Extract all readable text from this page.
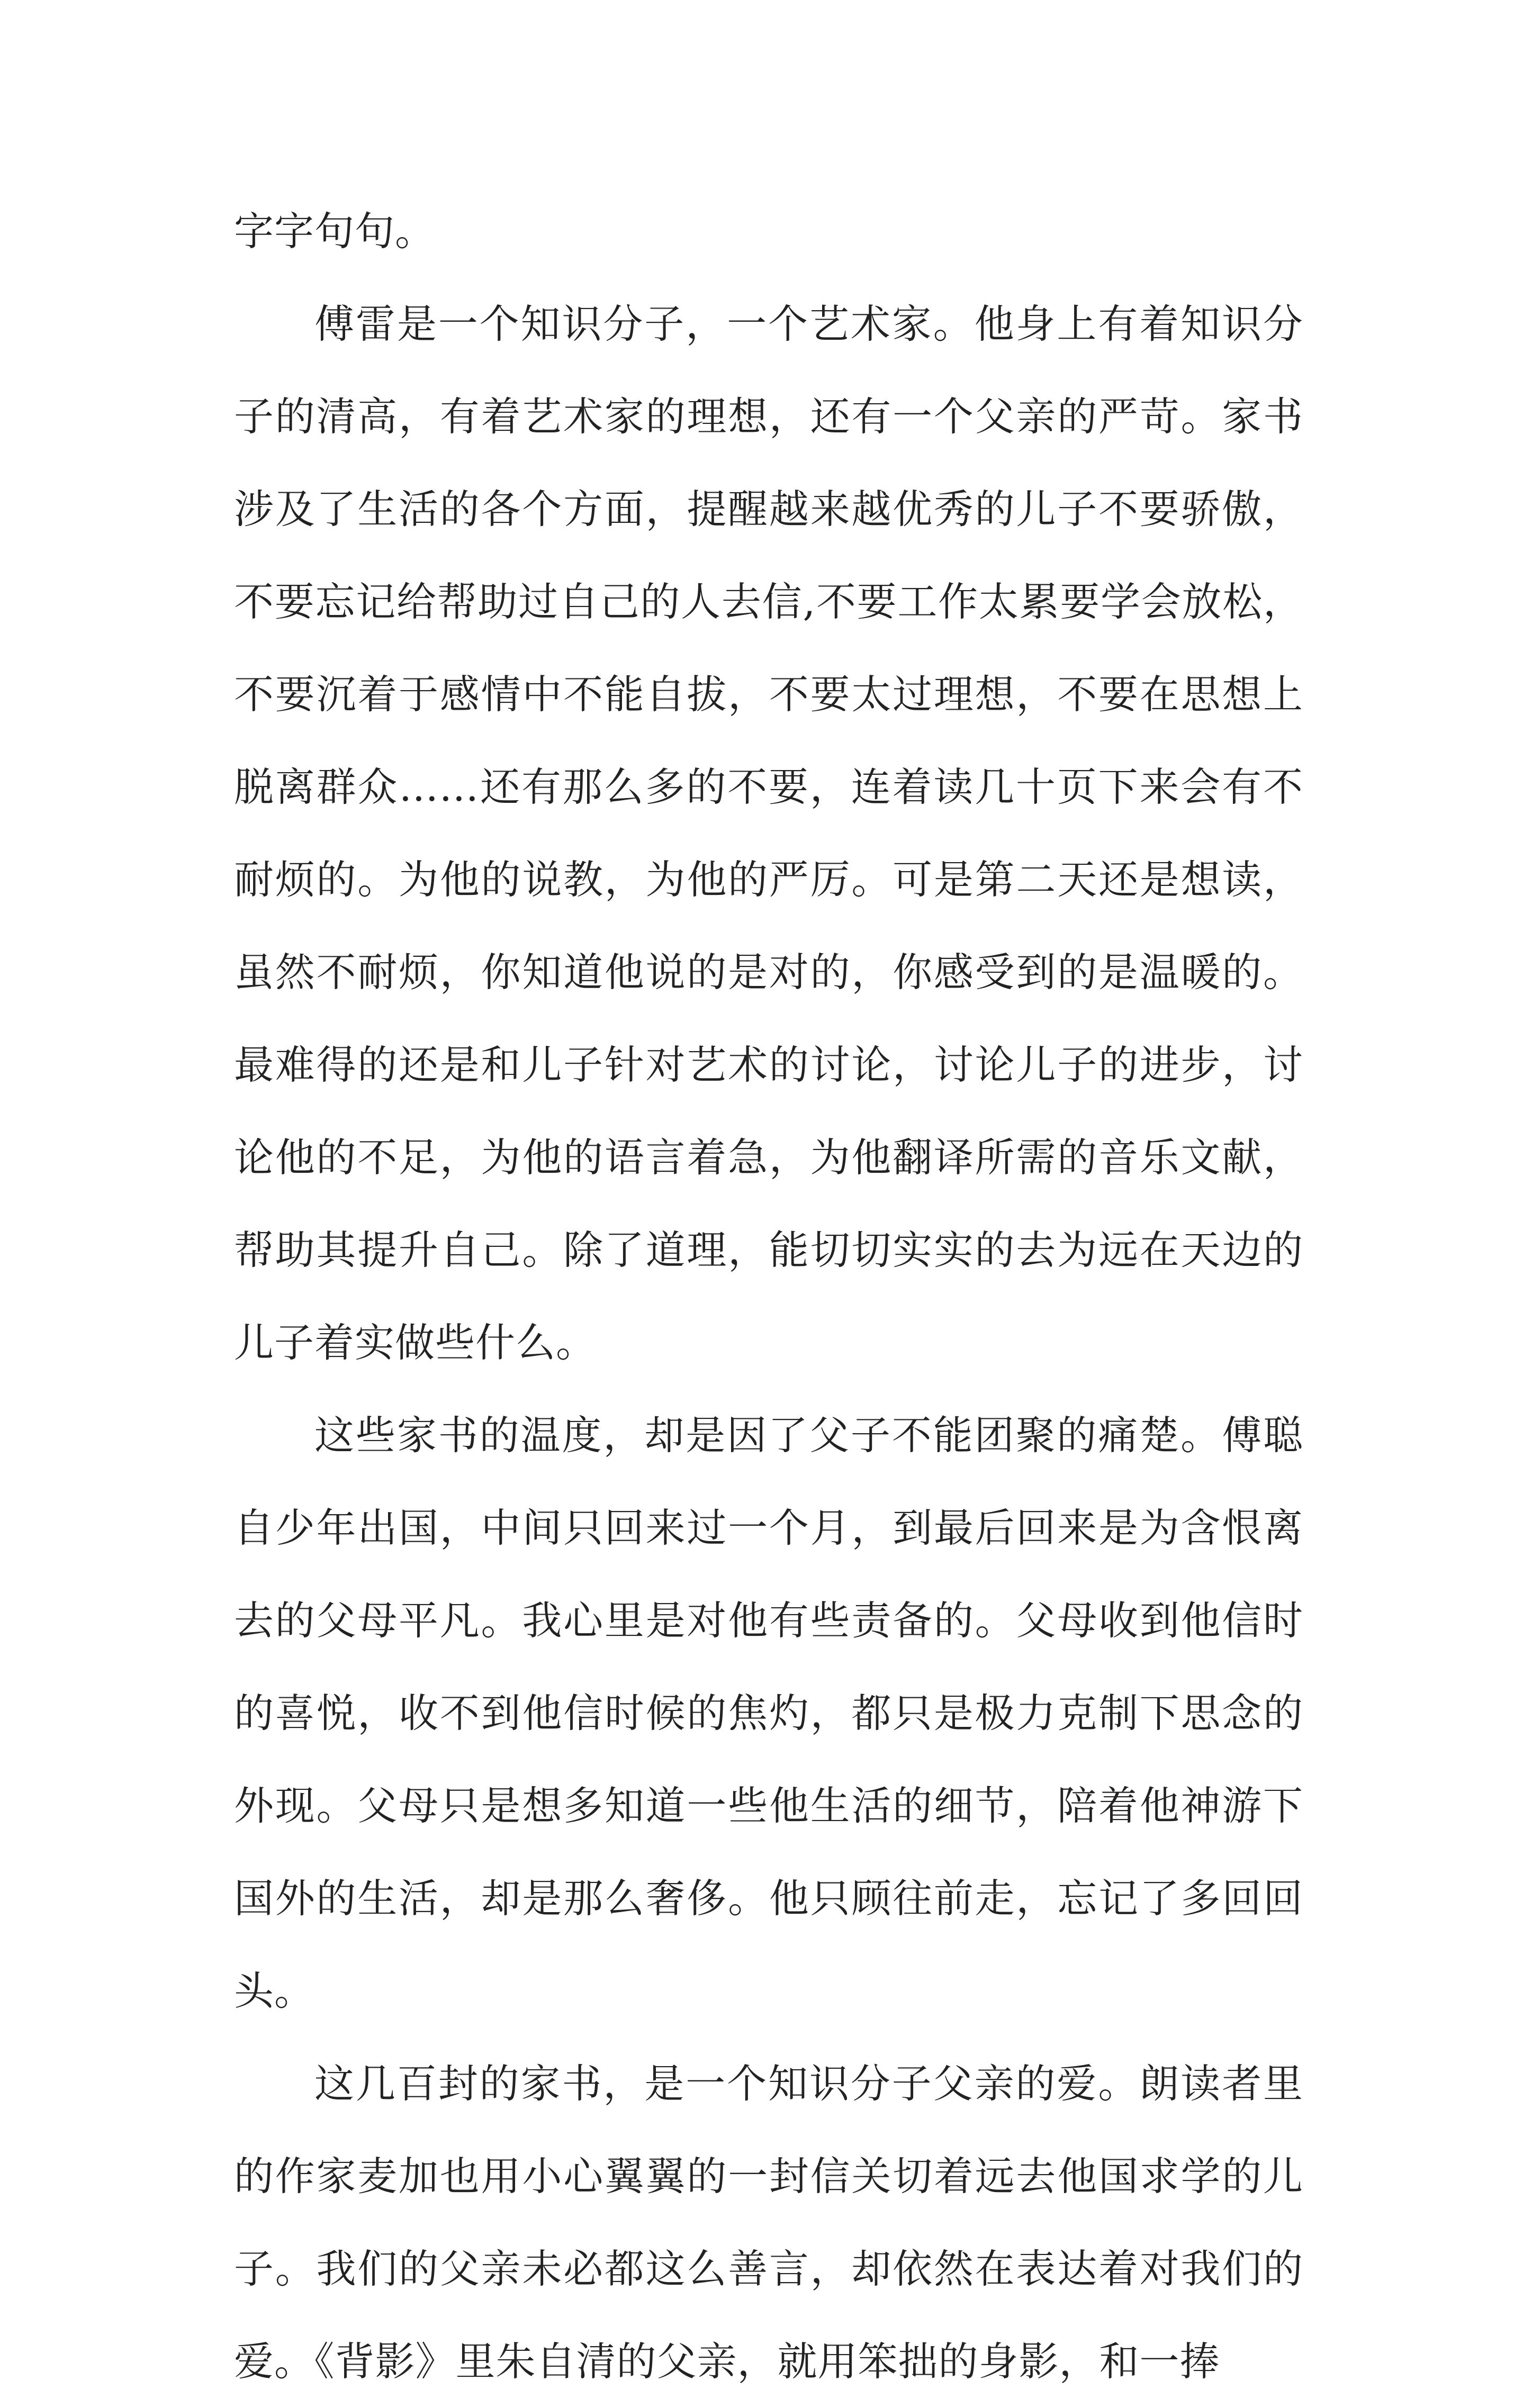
字字句句。

傅雷是一个知识分子，一个艺术家。他身上有着知识分子的清高，有着艺术家的理想，还有一个父亲的严苛。家书涉及了生活的各个方面，提醒越来越优秀的儿子不要骄傲，不要忘记给帮助过自己的人去信,不要工作太累要学会放松，不要沉着于感情中不能自拔，不要太过理想，不要在思想上脱离群众……还有那么多的不要，连着读几十页下来会有不耐烦的。为他的说教，为他的严厉。可是第二天还是想读，虽然不耐烦，你知道他说的是对的，你感受到的是温暖的。最难得的还是和儿子针对艺术的讨论，讨论儿子的进步，讨论他的不足，为他的语言着急，为他翻译所需的音乐文献，帮助其提升自己。除了道理，能切切实实的去为远在天边的儿子着实做些什么。

这些家书的温度，却是因了父子不能团聚的痛楚。傅聪自少年出国，中间只回来过一个月，到最后回来是为含恨离去的父母平凡。我心里是对他有些责备的。父母收到他信时的喜悦，收不到他信时候的焦灼，都只是极力克制下思念的外现。父母只是想多知道一些他生活的细节，陪着他神游下国外的生活，却是那么奢侈。他只顾往前走，忘记了多回回头。

这几百封的家书，是一个知识分子父亲的爱。朗读者里的作家麦加也用小心翼翼的一封信关切着远去他国求学的儿子。我们的父亲未必都这么善言，却依然在表达着对我们的爱。《背影》里朱自清的父亲，就用笨拙的身影，和一捧
